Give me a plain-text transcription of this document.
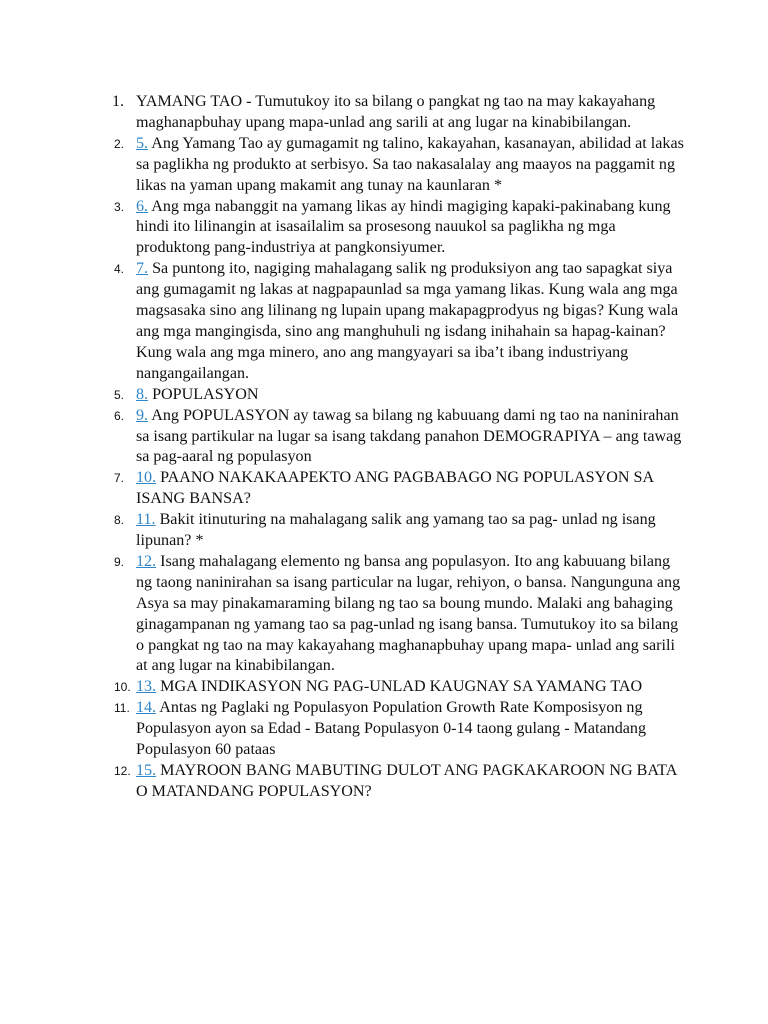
1. YAMANG TAO - Tumutukoy ito sa bilang o pangkat ng tao na may kakayahang maghanapbuhay upang mapa-unlad ang sarili at ang lugar na kinabibilangan.
2. 5. Ang Yamang Tao ay gumagamit ng talino, kakayahan, kasanayan, abilidad at lakas sa paglikha ng produkto at serbisyo. Sa tao nakasalalay ang maayos na paggamit ng likas na yaman upang makamit ang tunay na kaunlaran *
3. 6. Ang mga nabanggit na yamang likas ay hindi magiging kapaki-pakinabang kung hindi ito lilinangin at isasailalim sa prosesong nauukol sa paglikha ng mga produktong pang-industriya at pangkonsiyumer.
4. 7. Sa puntong ito, nagiging mahalagang salik ng produksiyon ang tao sapagkat siya ang gumagamit ng lakas at nagpapaunlad sa mga yamang likas. Kung wala ang mga magsasaka sino ang lilinang ng lupain upang makapagprodyus ng bigas? Kung wala ang mga mangingisda, sino ang manghuhuli ng isdang inihahain sa hapag-kainan? Kung wala ang mga minero, ano ang mangyayari sa iba’t ibang industriyang nangangailangan.
5. 8. POPULASYON
6. 9. Ang POPULASYON ay tawag sa bilang ng kabuuang dami ng tao na naninirahan sa isang partikular na lugar sa isang takdang panahon DEMOGRAPIYA – ang tawag sa pag-aaral ng populasyon
7. 10. PAANO NAKAKAAPEKTO ANG PAGBABAGO NG POPULASYON SA ISANG BANSA?
8. 11. Bakit itinuturing na mahalagang salik ang yamang tao sa pag- unlad ng isang lipunan? *
9. 12. Isang mahalagang elemento ng bansa ang populasyon. Ito ang kabuuang bilang ng taong naninirahan sa isang particular na lugar, rehiyon, o bansa. Nangunguna ang Asya sa may pinakamaraming bilang ng tao sa boung mundo. Malaki ang bahaging ginagampanan ng yamang tao sa pag-unlad ng isang bansa. Tumutukoy ito sa bilang o pangkat ng tao na may kakayahang maghanapbuhay upang mapa- unlad ang sarili at ang lugar na kinabibilangan.
10. 13. MGA INDIKASYON NG PAG-UNLAD KAUGNAY SA YAMANG TAO
11. 14. Antas ng Paglaki ng Populasyon Population Growth Rate Komposisyon ng Populasyon ayon sa Edad - Batang Populasyon 0-14 taong gulang - Matandang Populasyon 60 pataas
12. 15. MAYROON BANG MABUTING DULOT ANG PAGKAKAROON NG BATA O MATANDANG POPULASYON?
